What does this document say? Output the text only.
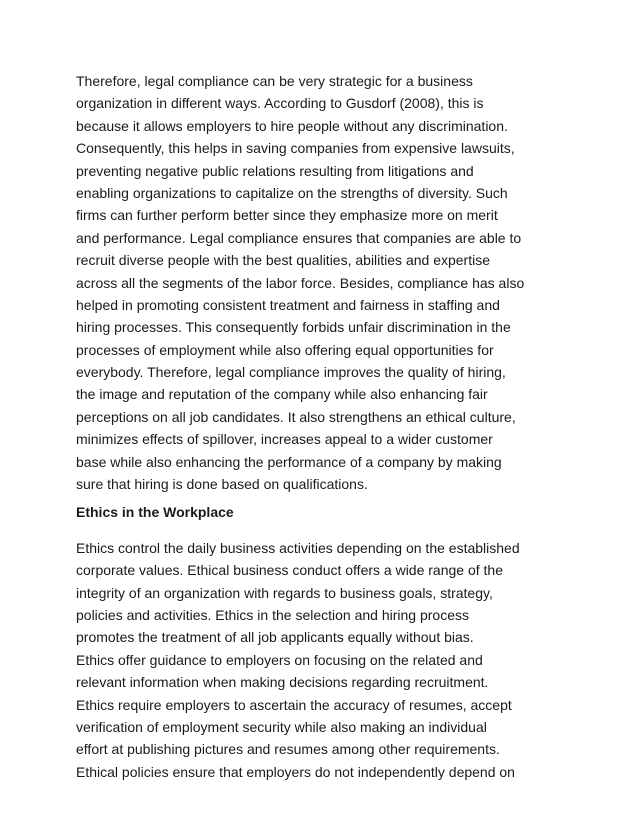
Therefore, legal compliance can be very strategic for a business
organization in different ways. According to Gusdorf (2008), this is
because it allows employers to hire people without any discrimination.
Consequently, this helps in saving companies from expensive lawsuits,
preventing negative public relations resulting from litigations and
enabling organizations to capitalize on the strengths of diversity. Such
firms can further perform better since they emphasize more on merit
and performance. Legal compliance ensures that companies are able to
recruit diverse people with the best qualities, abilities and expertise
across all the segments of the labor force. Besides, compliance has also
helped in promoting consistent treatment and fairness in staffing and
hiring processes. This consequently forbids unfair discrimination in the
processes of employment while also offering equal opportunities for
everybody. Therefore, legal compliance improves the quality of hiring,
the image and reputation of the company while also enhancing fair
perceptions on all job candidates. It also strengthens an ethical culture,
minimizes effects of spillover, increases appeal to a wider customer
base while also enhancing the performance of a company by making
sure that hiring is done based on qualifications.
Ethics in the Workplace
Ethics control the daily business activities depending on the established
corporate values. Ethical business conduct offers a wide range of the
integrity of an organization with regards to business goals, strategy,
policies and activities. Ethics in the selection and hiring process
promotes the treatment of all job applicants equally without bias.
Ethics offer guidance to employers on focusing on the related and
relevant information when making decisions regarding recruitment.
Ethics require employers to ascertain the accuracy of resumes, accept
verification of employment security while also making an individual
effort at publishing pictures and resumes among other requirements.
Ethical policies ensure that employers do not independently depend on
